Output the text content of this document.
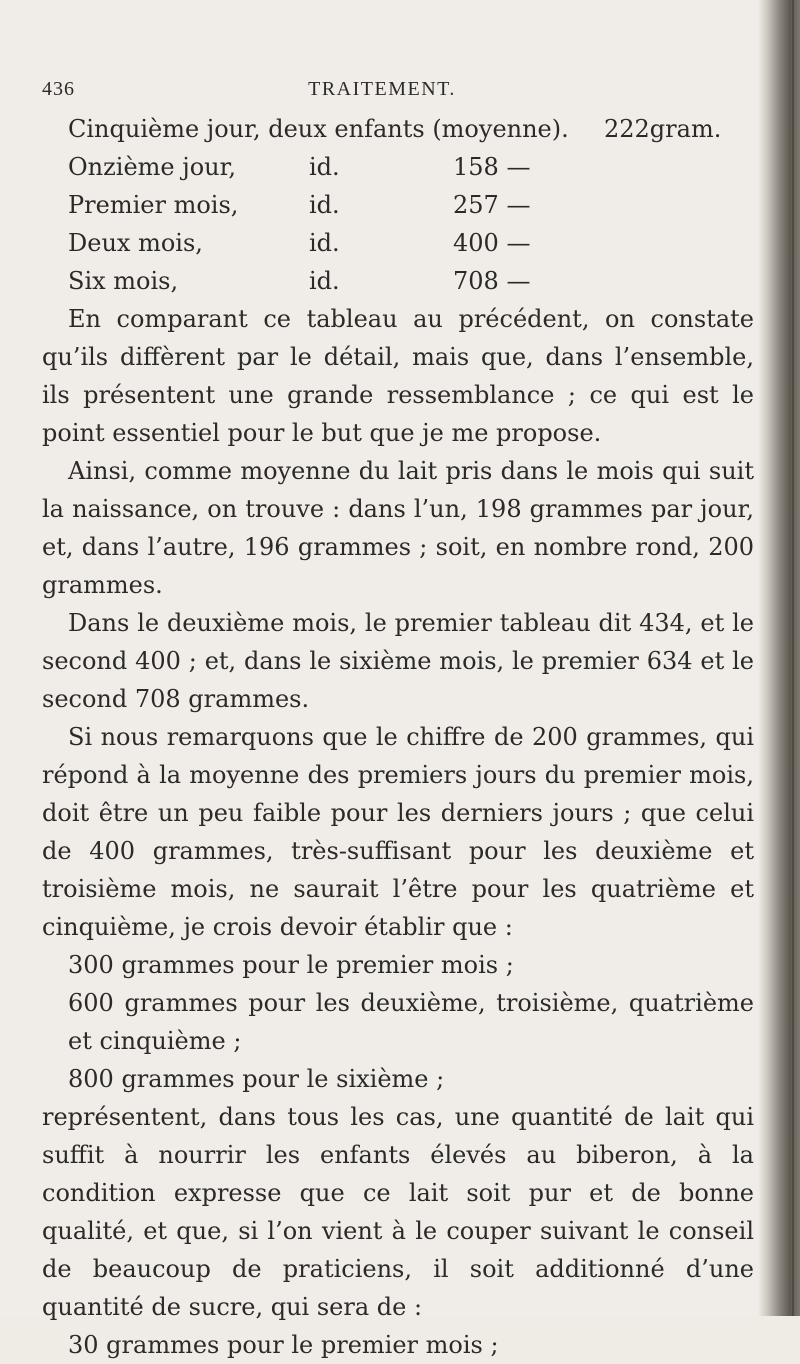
436	TRAITEMENT.
Cinquième jour, deux enfants (moyenne). 222gram.
Onzième jour,	id.	158 —
Premier mois,	id.	257 —
Deux mois,	id.	400 —
Six mois,	id.	708 —

En comparant ce tableau au précédent, on constate qu’ils diffèrent par le détail, mais que, dans l’ensemble, ils présentent une grande ressemblance ; ce qui est le point essentiel pour le but que je me propose.

Ainsi, comme moyenne du lait pris dans le mois qui suit la naissance, on trouve : dans l’un, 198 grammes par jour, et, dans l’autre, 196 grammes ; soit, en nombre rond, 200 grammes.

Dans le deuxième mois, le premier tableau dit 434, et le second 400 ; et, dans le sixième mois, le premier 634 et le second 708 grammes.

Si nous remarquons que le chiffre de 200 grammes, qui répond à la moyenne des premiers jours du premier mois, doit être un peu faible pour les derniers jours ; que celui de 400 grammes, très-suffisant pour les deuxième et troisième mois, ne saurait l’être pour les quatrième et cinquième, je crois devoir établir que :

300 grammes pour le premier mois ;

600 grammes pour les deuxième, troisième, quatrième et cinquième ;

800 grammes pour le sixième ;

représentent, dans tous les cas, une quantité de lait qui suffit à nourrir les enfants élevés au biberon, à la condition expresse que ce lait soit pur et de bonne qualité, et que, si l’on vient à le couper suivant le conseil de beaucoup de praticiens, il soit additionné d’une quantité de sucre, qui sera de :

30 grammes pour le premier mois ;
